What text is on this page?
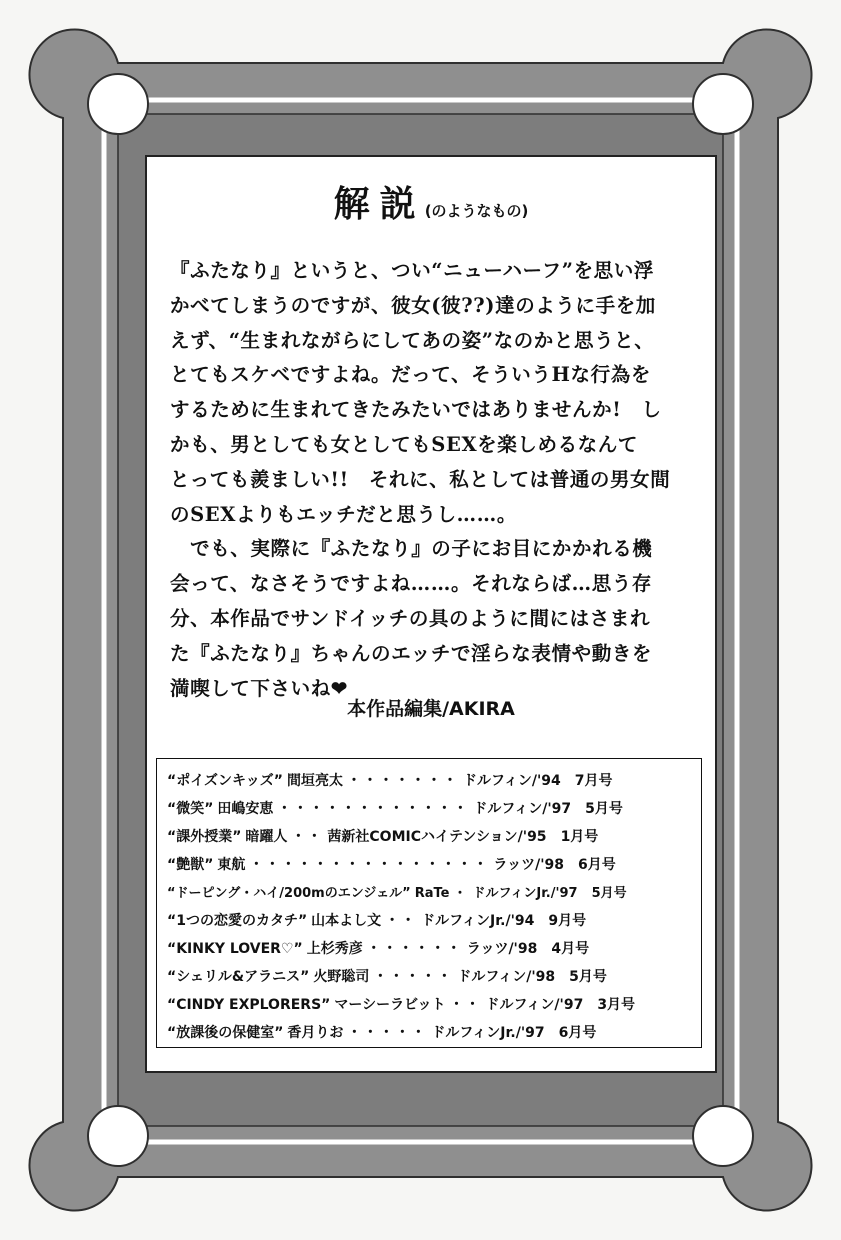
解説 (のようなもの)

『ふたなり』というと、つい“ニューハーフ”を思い浮

かべてしまうのですが、彼女(彼??)達のように手を加

えず、“生まれながらにしてあの姿”なのかと思うと、

とてもスケベですよね。だって、そういうHな行為を

するために生まれてきたみたいではありませんか!　し

かも、男としても女としてもSEXを楽しめるなんて

とっても羨ましい!!　それに、私としては普通の男女間

のSEXよりもエッチだと思うし……。

　でも、実際に『ふたなり』の子にお目にかかれる機

会って、なさそうですよね……。それならば…思う存

分、本作品でサンドイッチの具のように間にはさまれ

た『ふたなり』ちゃんのエッチで淫らな表情や動きを

満喫して下さいね❤

本作品編集/AKIRA
“ポイズンキッズ” 間垣亮太 ・・・・・・・ ドルフィン/'94 7月号
“微笑” 田嶋安恵 ・・・・・・・・・・・・ ドルフィン/'97 5月号
“課外授業” 暗躍人 ・・ 茜新社COMICハイテンション/'95 1月号
“艶獣” 東航 ・・・・・・・・・・・・・・・ ラッツ/'98 6月号
“ドーピング・ハイ/200mのエンジェル” RaTe ・ ドルフィンJr./'97 5月号
“1つの恋愛のカタチ” 山本よし文 ・・ ドルフィンJr./'94 9月号
“KINKY LOVER♡” 上杉秀彦 ・・・・・・ ラッツ/'98 4月号
“シェリル&アラニス” 火野聡司 ・・・・・ ドルフィン/'98 5月号
“CINDY EXPLORERS” マーシーラビット ・・ ドルフィン/'97 3月号
“放課後の保健室” 香月りお ・・・・・ ドルフィンJr./'97 6月号
